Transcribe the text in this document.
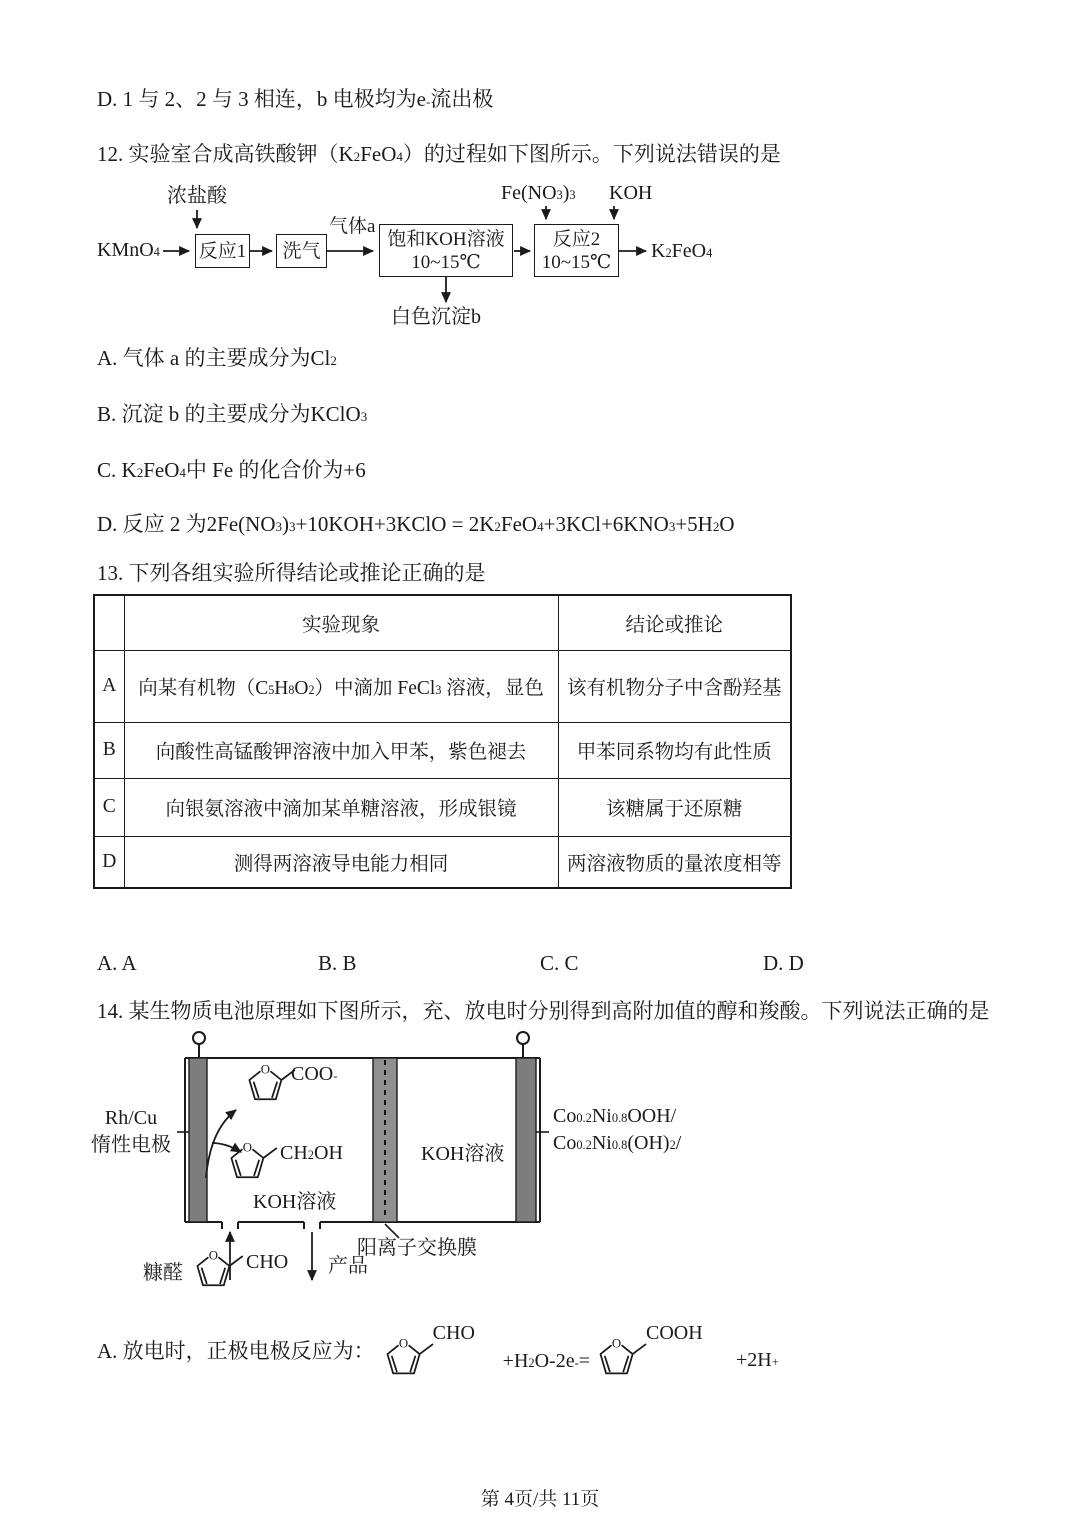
D. 1 与 2、2 与 3 相连，b 电极均为e-流出极
12. 实验室合成高铁酸钾$(K_2FeO_4)$的过程如下图所示。下列说法错误的是
浓盐酸
KMnO$_4$ 反应1 洗气
气体a
饱和KOH溶液
10~15℃
白色沉淀b
$Fe(NO_3)_3$ KOH
反应2
10~15℃ $K_2FeO_4$
A. 气体 a 的主要成分为$Cl_2$
B. 沉淀 b 的主要成分为KClO$_3$
C. $K_2FeO_4$中 Fe 的化合价为+6
D. 反应 2 为$2Fe(NO_3)_3+10KOH+3KClO = 2K_2FeO_4+3KCl+6KNO_3+5H_2O$
13. 下列各组实验所得结论或推论正确的是
	实验现象	结论或推论
A	向某有机物$(C_5H_8O_2)$中滴加 FeCl$_3$ 溶液，显色	该有机物分子中含酚羟基
B	向酸性高锰酸钾溶液中加入甲苯，紫色褪去	甲苯同系物均有此性质
C	向银氨溶液中滴加某单糖溶液，形成银镜	该糖属于还原糖
D	测得两溶液导电能力相同	两溶液物质的量浓度相等
A. A	B. B	C. C	D. D
14. 某生物质电池原理如下图所示，充、放电时分别得到高附加值的醇和羧酸。下列说法正确的是
O
O
O
Rh/Cu
惰性电极
COO-
$CH_2OH$
KOH溶液
KOH溶液
$Co_{0.2}Ni_{0.8}OOH/$
$Co_{0.2}Ni_{0.8}(OH)_2/$
阳离子交换膜
糠醛	CHO 产品
A. 放电时，正极电极反应为： O CHO
$+H_2O-2e^-=$
O COOH
+2H+
第 4页/共 11页
